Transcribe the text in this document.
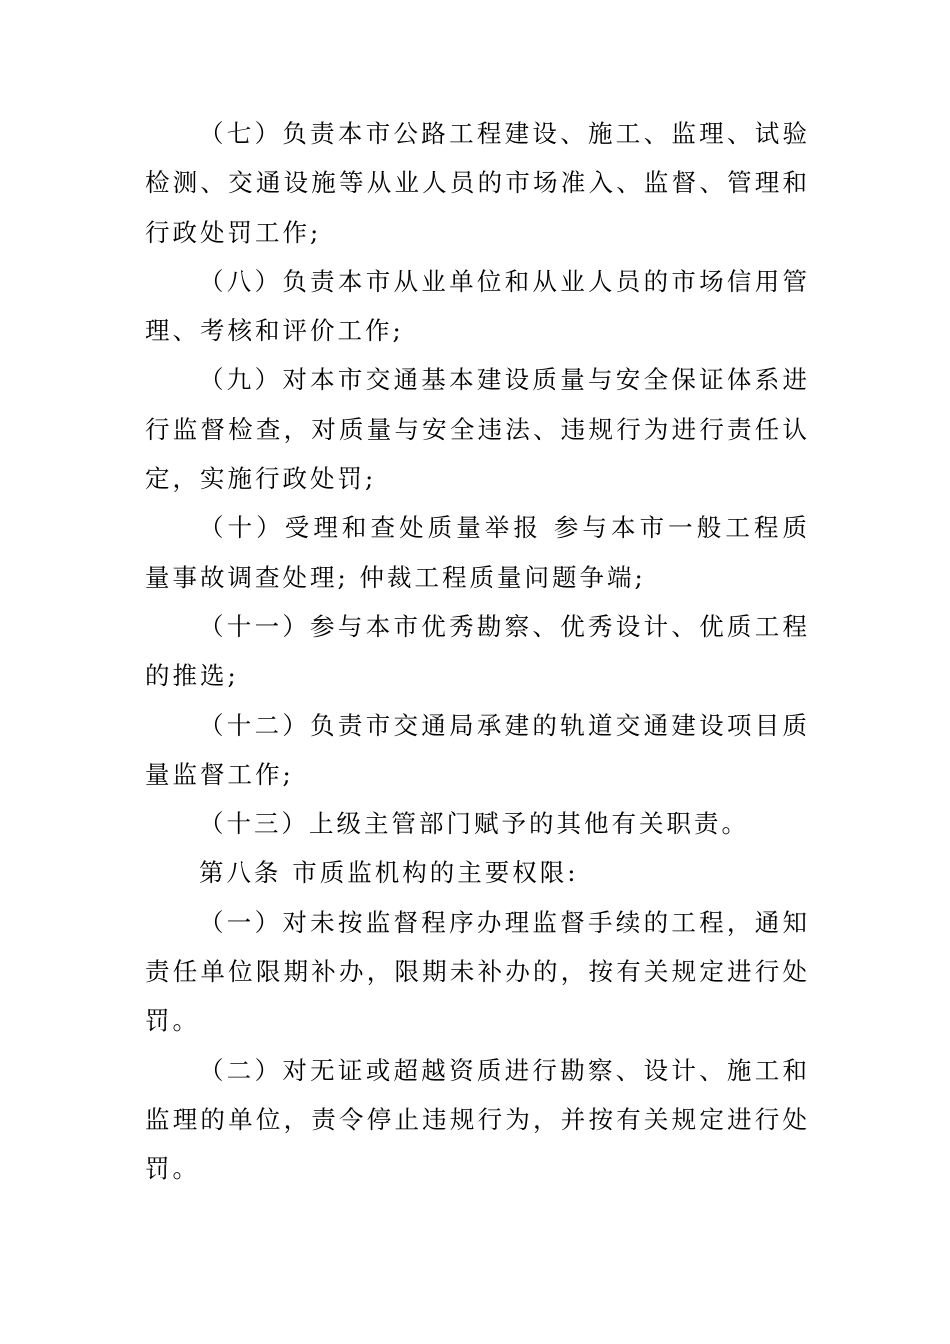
（七）负责本市公路工程建设、施工、监理、试验检测、交通设施等从业人员的市场准入、监督、管理和行政处罚工作;

（八）负责本市从业单位和从业人员的市场信用管理、考核和评价工作;

（九）对本市交通基本建设质量与安全保证体系进行监督检查，对质量与安全违法、违规行为进行责任认定，实施行政处罚;

（十）受理和查处质量举报 参与本市一般工程质量事故调查处理; 仲裁工程质量问题争端;

（十一）参与本市优秀勘察、优秀设计、优质工程的推选;

（十二）负责市交通局承建的轨道交通建设项目质量监督工作;

（十三）上级主管部门赋予的其他有关职责。

第八条 市质监机构的主要权限:

（一）对未按监督程序办理监督手续的工程，通知责任单位限期补办，限期未补办的，按有关规定进行处罚。

（二）对无证或超越资质进行勘察、设计、施工和监理的单位，责令停止违规行为，并按有关规定进行处罚。
